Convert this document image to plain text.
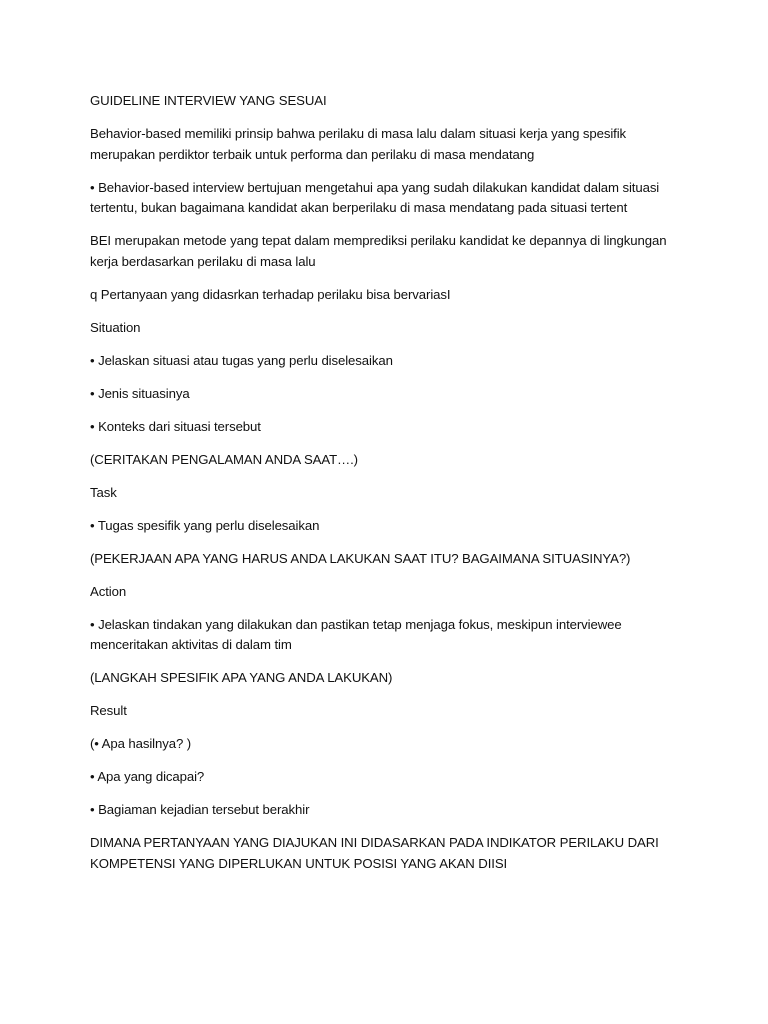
GUIDELINE INTERVIEW YANG SESUAI

Behavior-based memiliki prinsip bahwa perilaku di masa lalu dalam situasi kerja yang spesifik merupakan perdiktor terbaik untuk performa dan perilaku di masa mendatang

• Behavior-based interview bertujuan mengetahui apa yang sudah dilakukan kandidat dalam situasi tertentu, bukan bagaimana kandidat akan berperilaku di masa mendatang pada situasi tertent

BEI merupakan metode yang tepat dalam memprediksi perilaku kandidat ke depannya di lingkungan kerja berdasarkan perilaku di masa lalu

q Pertanyaan yang didasrkan terhadap perilaku bisa bervariasI

Situation

• Jelaskan situasi atau tugas yang perlu diselesaikan

• Jenis situasinya

• Konteks dari situasi tersebut

(CERITAKAN PENGALAMAN ANDA SAAT….)

Task

• Tugas spesifik yang perlu diselesaikan

(PEKERJAAN APA YANG HARUS ANDA LAKUKAN SAAT ITU? BAGAIMANA SITUASINYA?)

Action

• Jelaskan tindakan yang dilakukan dan pastikan tetap menjaga fokus, meskipun interviewee menceritakan aktivitas di dalam tim

(LANGKAH SPESIFIK APA YANG ANDA LAKUKAN)

Result

(• Apa hasilnya? )

• Apa yang dicapai?

• Bagiaman kejadian tersebut berakhir

DIMANA PERTANYAAN YANG DIAJUKAN INI DIDASARKAN PADA INDIKATOR PERILAKU DARI KOMPETENSI YANG DIPERLUKAN UNTUK POSISI YANG AKAN DIISI
